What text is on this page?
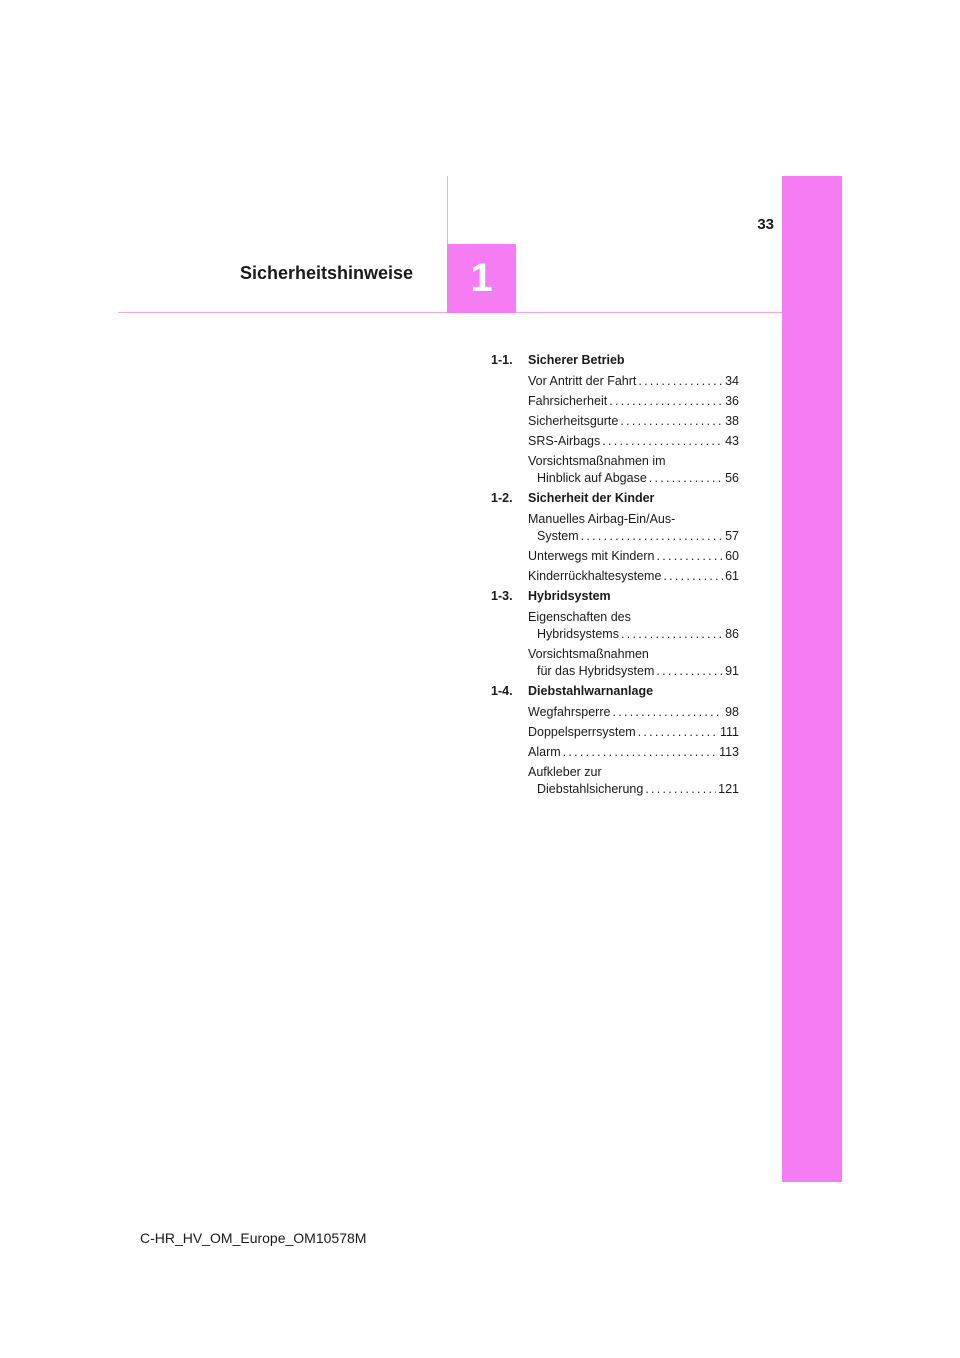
33
Sicherheitshinweise 1
1-1. Sicherer Betrieb
Vor Antritt der Fahrt . . .	34
Fahrsicherheit . . .	36
Sicherheitsgurte . . .	38
SRS-Airbags . . .	43
Vorsichtsmaßnahmen im
Hinblick auf Abgase . . .	56
1-2. Sicherheit der Kinder
Manuelles Airbag-Ein/Aus-
System . . .	57
Unterwegs mit Kindern . . .	60
Kinderrückhaltesysteme . . .	61
1-3. Hybridsystem
Eigenschaften des
Hybridsystems . . .	86
Vorsichtsmaßnahmen
für das Hybridsystem . . .	91
1-4. Diebstahlwarnanlage
Wegfahrsperre . . .	98
Doppelsperrsystem . . .	111
Alarm . . .	113
Aufkleber zur
Diebstahlsicherung . . .	121
C-HR_HV_OM_Europe_OM10578M
